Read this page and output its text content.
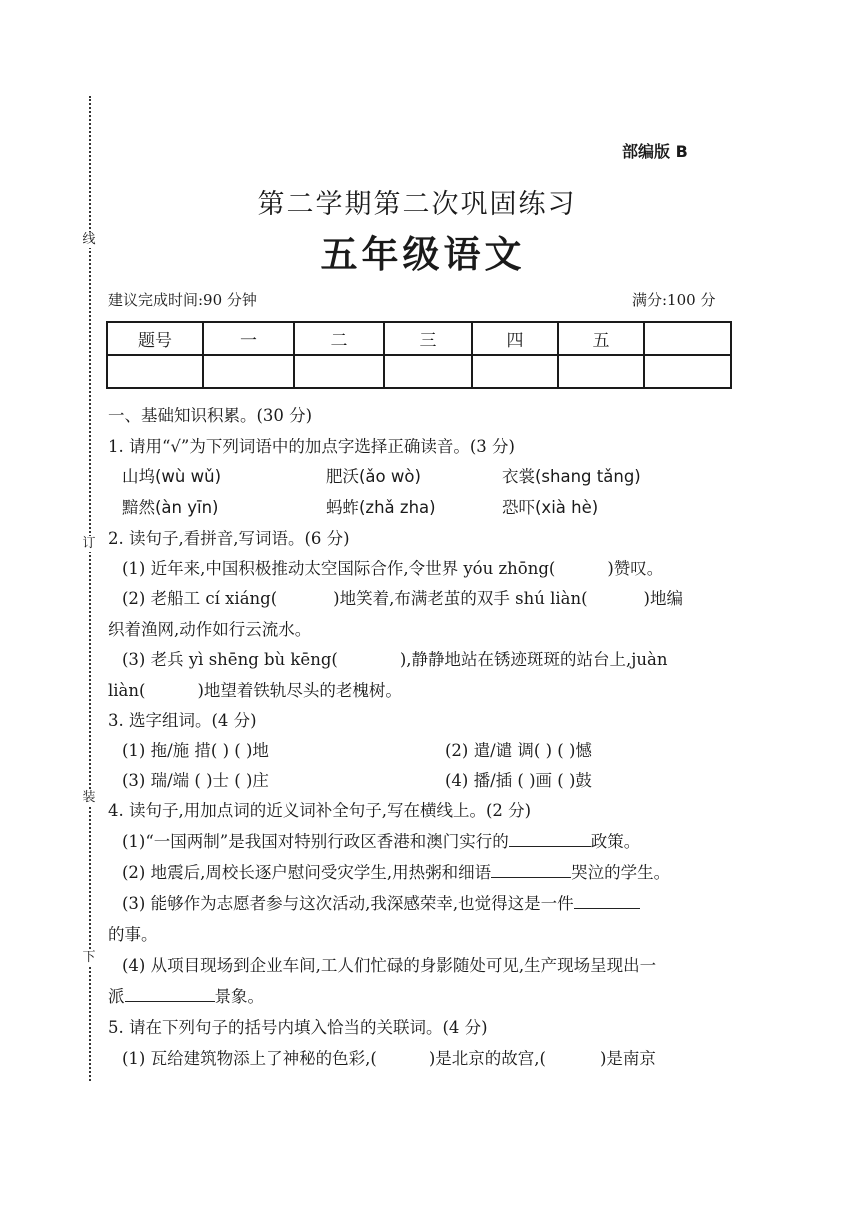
线
订
装
下
部编版 B
第二学期第二次巩固练习
五年级语文
建议完成时间:90 分钟	满分:100 分
题号	一	二	三	四	五	

一、基础知识积累。(30 分)
1. 请用“√”为下列词语中的加点字选择正确读音。(3 分)
山坞(wù wǔ)	肥沃(ǎo wò)	衣裳(shang tǎng)
黯然(àn yīn)	蚂蚱(zhǎ zha)	恐吓(xià hè)
2. 读句子,看拼音,写词语。(6 分)
(1) 近年来,中国积极推动太空国际合作,令世界 yóu zhōng(	)赞叹。
(2) 老船工 cí xiáng(	)地笑着,布满老茧的双手 shú liàn(	)地编
织着渔网,动作如行云流水。
(3) 老兵 yì shēng bù kēng(	),静静地站在锈迹斑斑的站台上,juàn
liàn(	)地望着铁轨尽头的老槐树。
3. 选字组词。(4 分)
(1) 拖/施 措( ) ( )地	(2) 遣/谴 调( ) ( )憾
(3) 瑞/端 ( )士 ( )庄	(4) 播/插 ( )画 ( )鼓
4. 读句子,用加点词的近义词补全句子,写在横线上。(2 分)
(1)“一国两制”是我国对特别行政区香港和澳门实行的	政策。
(2) 地震后,周校长逐户慰问受灾学生,用热粥和细语	哭泣的学生。
(3) 能够作为志愿者参与这次活动,我深感荣幸,也觉得这是一件
的事。
(4) 从项目现场到企业车间,工人们忙碌的身影随处可见,生产现场呈现出一
派	景象。
5. 请在下列句子的括号内填入恰当的关联词。(4 分)
(1) 瓦给建筑物添上了神秘的色彩,(	)是北京的故宫,(	)是南京
